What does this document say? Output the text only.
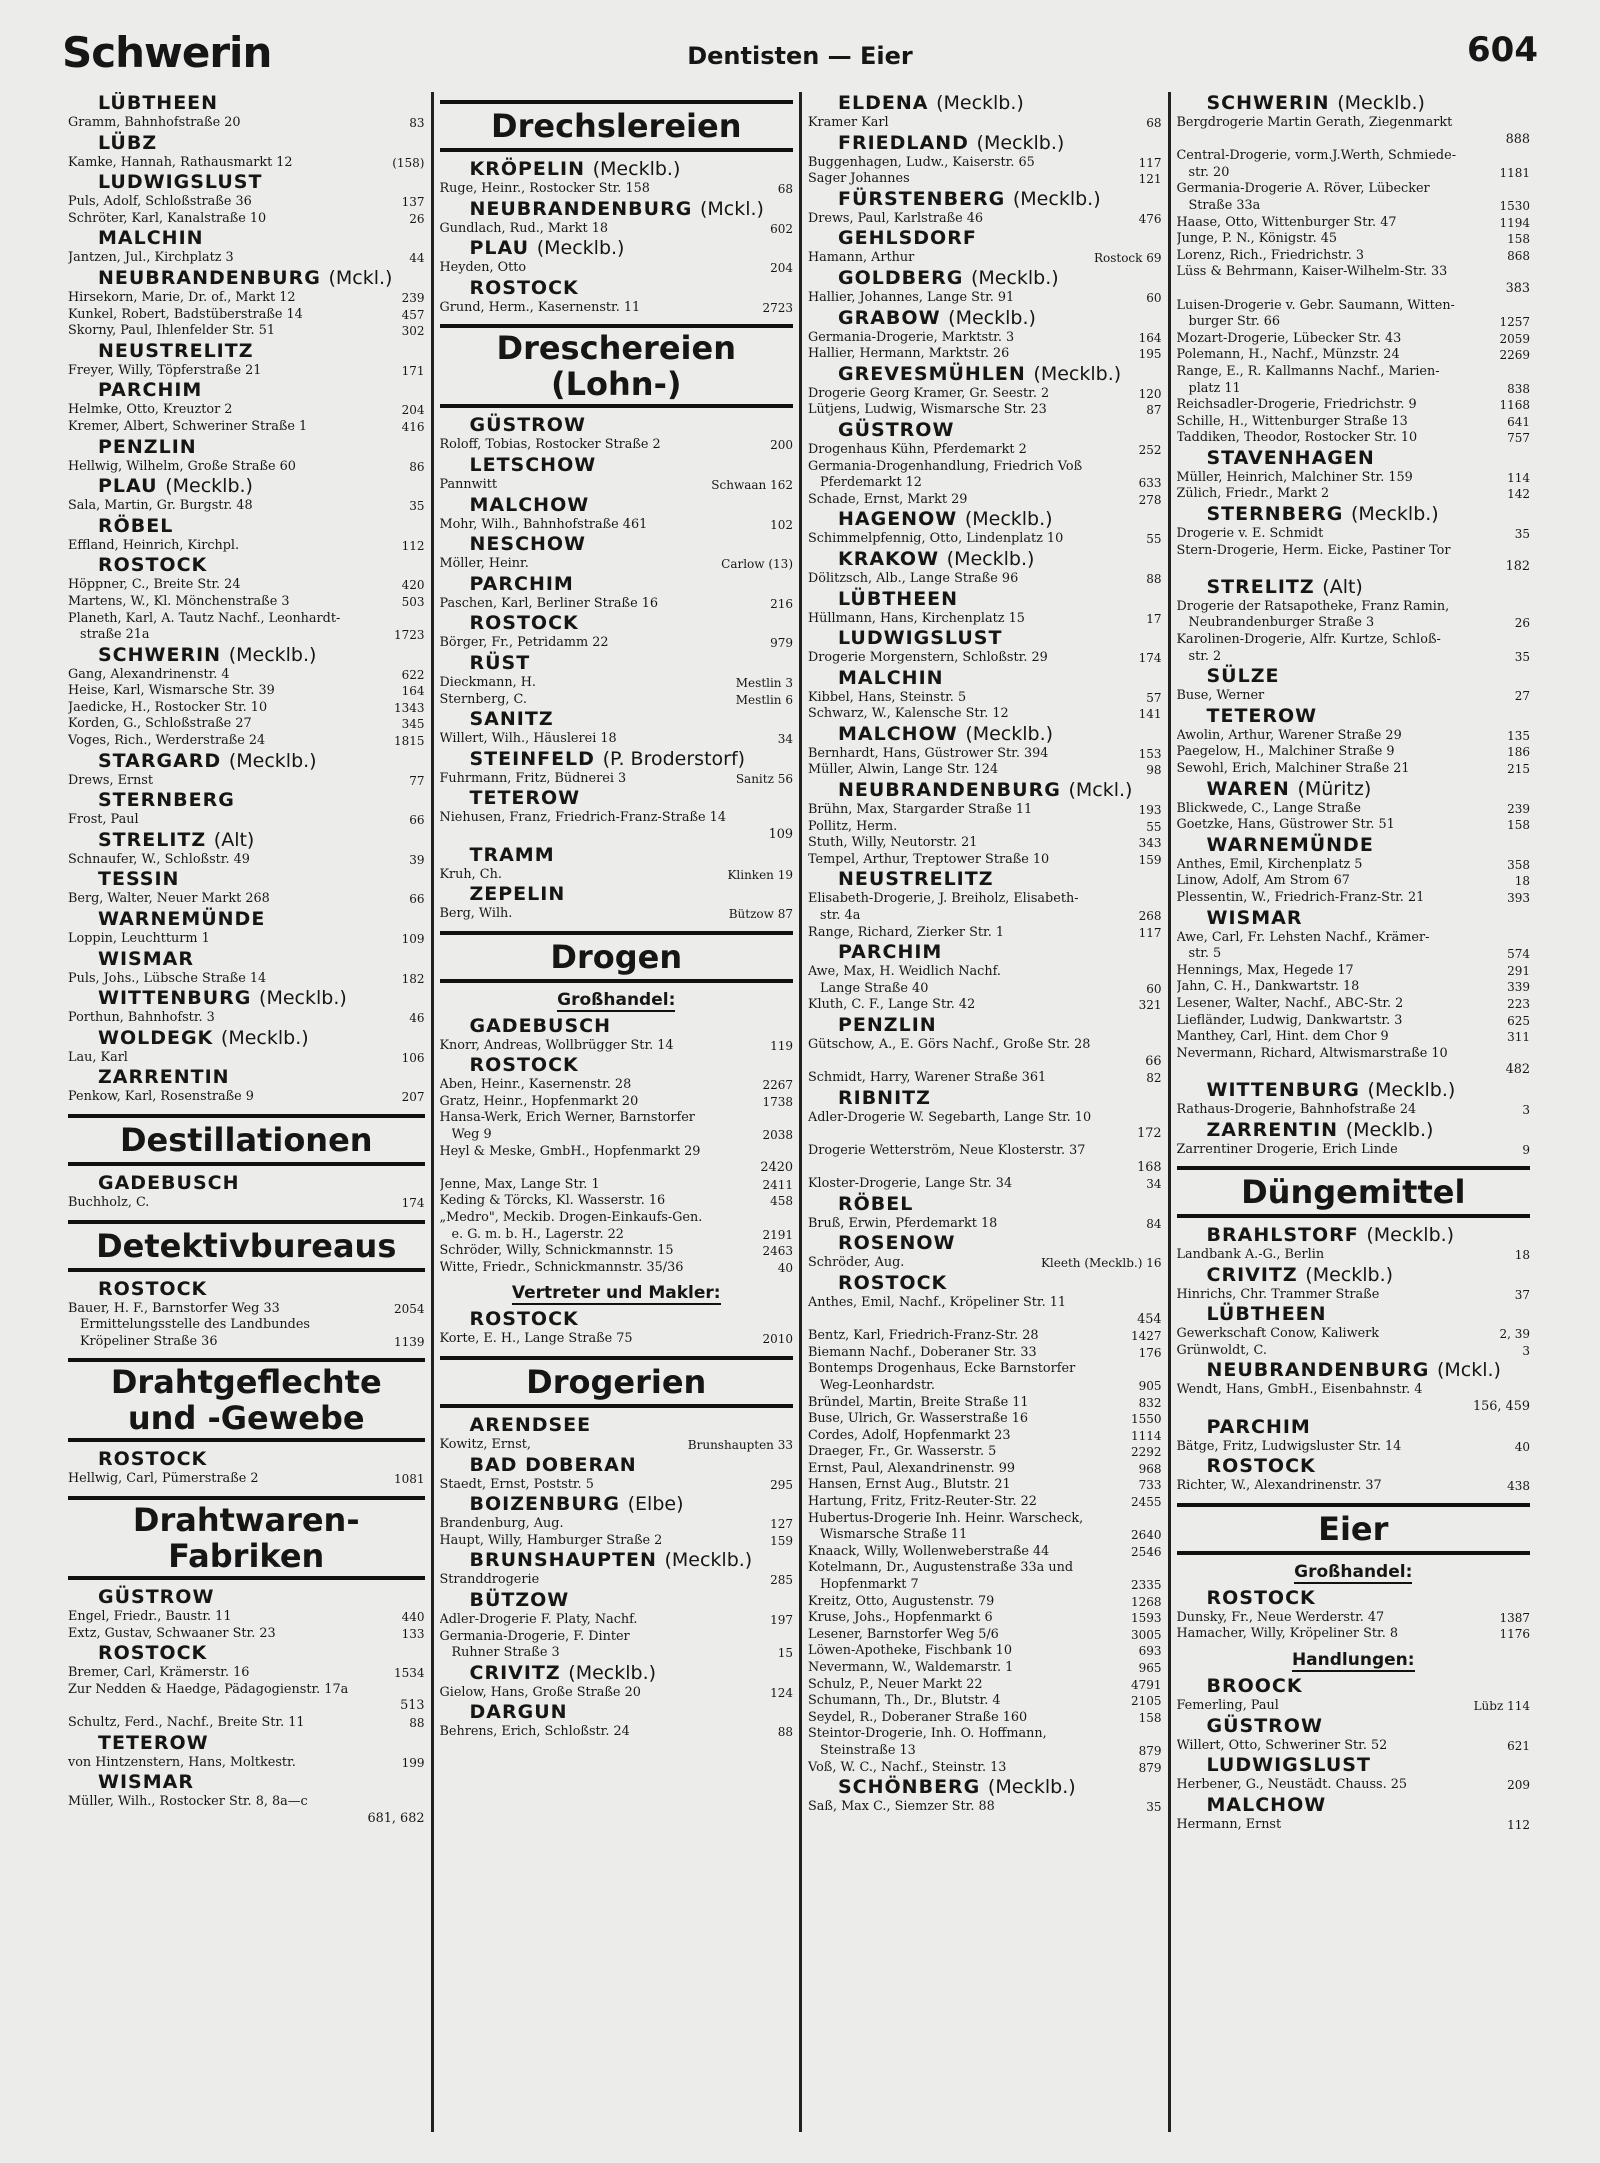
Schwerin	Dentisten — Eier	604
LÜBTHEEN
Gramm, Bahnhofstraße 20	83
LÜBZ
Kamke, Hannah, Rathausmarkt 12	(158)
LUDWIGSLUST
Puls, Adolf, Schloßstraße 36	137
Schröter, Karl, Kanalstraße 10	26
MALCHIN
Jantzen, Jul., Kirchplatz 3	44
NEUBRANDENBURG (Mckl.)
Hirsekorn, Marie, Dr. of., Markt 12	239
Kunkel, Robert, Badstüberstraße 14	457
Skorny, Paul, Ihlenfelder Str. 51	302
NEUSTRELITZ
Freyer, Willy, Töpferstraße 21	171
PARCHIM
Helmke, Otto, Kreuztor 2	204
Kremer, Albert, Schweriner Straße 1	416
PENZLIN
Hellwig, Wilhelm, Große Straße 60	86
PLAU (Mecklb.)
Sala, Martin, Gr. Burgstr. 48	35
RÖBEL
Effland, Heinrich, Kirchpl.	112
ROSTOCK
Höppner, C., Breite Str. 24	420
Martens, W., Kl. Mönchenstraße 3	503
Planeth, Karl, A. Tautz Nachf., Leonhardt-
straße 21a	1723
SCHWERIN (Mecklb.)
Gang, Alexandrinenstr. 4	622
Heise, Karl, Wismarsche Str. 39	164
Jaedicke, H., Rostocker Str. 10	1343
Korden, G., Schloßstraße 27	345
Voges, Rich., Werderstraße 24	1815
STARGARD (Mecklb.)
Drews, Ernst	77
STERNBERG
Frost, Paul	66
STRELITZ (Alt)
Schnaufer, W., Schloßstr. 49	39
TESSIN
Berg, Walter, Neuer Markt 268	66
WARNEMÜNDE
Loppin, Leuchtturm 1	109
WISMAR
Puls, Johs., Lübsche Straße 14	182
WITTENBURG (Mecklb.)
Porthun, Bahnhofstr. 3	46
WOLDEGK (Mecklb.)
Lau, Karl	106
ZARRENTIN
Penkow, Karl, Rosenstraße 9	207
Destillationen
GADEBUSCH
Buchholz, C.	174
Detektivbureaus
ROSTOCK
Bauer, H. F., Barnstorfer Weg 33	2054
Ermittelungsstelle des Landbundes
Kröpeliner Straße 36	1139
Drahtgeflechte
und -Gewebe
ROSTOCK
Hellwig, Carl, Pümerstraße 2	1081
Drahtwaren-
Fabriken
GÜSTROW
Engel, Friedr., Baustr. 11	440
Extz, Gustav, Schwaaner Str. 23	133
ROSTOCK
Bremer, Carl, Krämerstr. 16	1534
Zur Nedden & Haedge, Pädagogienstr. 17a
513
Schultz, Ferd., Nachf., Breite Str. 11	88
TETEROW
von Hintzenstern, Hans, Moltkestr.	199
WISMAR
Müller, Wilh., Rostocker Str. 8, 8a—c
681, 682
Drechslereien
KRÖPELIN (Mecklb.)
Ruge, Heinr., Rostocker Str. 158	68
NEUBRANDENBURG (Mckl.)
Gundlach, Rud., Markt 18	602
PLAU (Mecklb.)
Heyden, Otto	204
ROSTOCK
Grund, Herm., Kasernenstr. 11	2723
Dreschereien
(Lohn-)
GÜSTROW
Roloff, Tobias, Rostocker Straße 2	200
LETSCHOW
Pannwitt	Schwaan 162
MALCHOW
Mohr, Wilh., Bahnhofstraße 461	102
NESCHOW
Möller, Heinr.	Carlow (13)
PARCHIM
Paschen, Karl, Berliner Straße 16	216
ROSTOCK
Börger, Fr., Petridamm 22	979
RÜST
Dieckmann, H.	Mestlin 3
Sternberg, C.	Mestlin 6
SANITZ
Willert, Wilh., Häuslerei 18	34
STEINFELD (P. Broderstorf)
Fuhrmann, Fritz, Büdnerei 3	Sanitz 56
TETEROW
Niehusen, Franz, Friedrich-Franz-Straße 14
109
TRAMM
Kruh, Ch.	Klinken 19
ZEPELIN
Berg, Wilh.	Bützow 87
Drogen
Großhandel:
GADEBUSCH
Knorr, Andreas, Wollbrügger Str. 14	119
ROSTOCK
Aben, Heinr., Kasernenstr. 28	2267
Gratz, Heinr., Hopfenmarkt 20	1738
Hansa-Werk, Erich Werner, Barnstorfer
Weg 9	2038
Heyl & Meske, GmbH., Hopfenmarkt 29
2420
Jenne, Max, Lange Str. 1	2411
Keding & Törcks, Kl. Wasserstr. 16	458
„Medro", Meckib. Drogen-Einkaufs-Gen.
e. G. m. b. H., Lagerstr. 22	2191
Schröder, Willy, Schnickmannstr. 15	2463
Witte, Friedr., Schnickmannstr. 35/36	40
Vertreter und Makler:
ROSTOCK
Korte, E. H., Lange Straße 75	2010
Drogerien
ARENDSEE
Kowitz, Ernst,	Brunshaupten 33
BAD DOBERAN
Staedt, Ernst, Poststr. 5	295
BOIZENBURG (Elbe)
Brandenburg, Aug.	127
Haupt, Willy, Hamburger Straße 2	159
BRUNSHAUPTEN (Mecklb.)
Stranddrogerie	285
BÜTZOW
Adler-Drogerie F. Platy, Nachf.	197
Germania-Drogerie, F. Dinter
Ruhner Straße 3	15
CRIVITZ (Mecklb.)
Gielow, Hans, Große Straße 20	124
DARGUN
Behrens, Erich, Schloßstr. 24	88
ELDENA (Mecklb.)
Kramer Karl	68
FRIEDLAND (Mecklb.)
Buggenhagen, Ludw., Kaiserstr. 65	117
Sager Johannes	121
FÜRSTENBERG (Mecklb.)
Drews, Paul, Karlstraße 46	476
GEHLSDORF
Hamann, Arthur	Rostock 69
GOLDBERG (Mecklb.)
Hallier, Johannes, Lange Str. 91	60
GRABOW (Mecklb.)
Germania-Drogerie, Marktstr. 3	164
Hallier, Hermann, Marktstr. 26	195
GREVESMÜHLEN (Mecklb.)
Drogerie Georg Kramer, Gr. Seestr. 2	120
Lütjens, Ludwig, Wismarsche Str. 23	87
GÜSTROW
Drogenhaus Kühn, Pferdemarkt 2	252
Germania-Drogenhandlung, Friedrich Voß
Pferdemarkt 12	633
Schade, Ernst, Markt 29	278
HAGENOW (Mecklb.)
Schimmelpfennig, Otto, Lindenplatz 10	55
KRAKOW (Mecklb.)
Dölitzsch, Alb., Lange Straße 96	88
LÜBTHEEN
Hüllmann, Hans, Kirchenplatz 15	17
LUDWIGSLUST
Drogerie Morgenstern, Schloßstr. 29	174
MALCHIN
Kibbel, Hans, Steinstr. 5	57
Schwarz, W., Kalensche Str. 12	141
MALCHOW (Mecklb.)
Bernhardt, Hans, Güstrower Str. 394	153
Müller, Alwin, Lange Str. 124	98
NEUBRANDENBURG (Mckl.)
Brühn, Max, Stargarder Straße 11	193
Pollitz, Herm.	55
Stuth, Willy, Neutorstr. 21	343
Tempel, Arthur, Treptower Straße 10	159
NEUSTRELITZ
Elisabeth-Drogerie, J. Breiholz, Elisabeth-
str. 4a	268
Range, Richard, Zierker Str. 1	117
PARCHIM
Awe, Max, H. Weidlich Nachf.
Lange Straße 40	60
Kluth, C. F., Lange Str. 42	321
PENZLIN
Gütschow, A., E. Görs Nachf., Große Str. 28
66
Schmidt, Harry, Warener Straße 361	82
RIBNITZ
Adler-Drogerie W. Segebarth, Lange Str. 10
172
Drogerie Wetterström, Neue Klosterstr. 37
168
Kloster-Drogerie, Lange Str. 34	34
RÖBEL
Bruß, Erwin, Pferdemarkt 18	84
ROSENOW
Schröder, Aug.	Kleeth (Mecklb.) 16
ROSTOCK
Anthes, Emil, Nachf., Kröpeliner Str. 11
454
Bentz, Karl, Friedrich-Franz-Str. 28	1427
Biemann Nachf., Doberaner Str. 33	176
Bontemps Drogenhaus, Ecke Barnstorfer
Weg-Leonhardstr.	905
Bründel, Martin, Breite Straße 11	832
Buse, Ulrich, Gr. Wasserstraße 16	1550
Cordes, Adolf, Hopfenmarkt 23	1114
Draeger, Fr., Gr. Wasserstr. 5	2292
Ernst, Paul, Alexandrinenstr. 99	968
Hansen, Ernst Aug., Blutstr. 21	733
Hartung, Fritz, Fritz-Reuter-Str. 22	2455
Hubertus-Drogerie Inh. Heinr. Warscheck,
Wismarsche Straße 11	2640
Knaack, Willy, Wollenweberstraße 44	2546
Kotelmann, Dr., Augustenstraße 33a und
Hopfenmarkt 7	2335
Kreitz, Otto, Augustenstr. 79	1268
Kruse, Johs., Hopfenmarkt 6	1593
Lesener, Barnstorfer Weg 5/6	3005
Löwen-Apotheke, Fischbank 10	693
Nevermann, W., Waldemarstr. 1	965
Schulz, P., Neuer Markt 22	4791
Schumann, Th., Dr., Blutstr. 4	2105
Seydel, R., Doberaner Straße 160	158
Steintor-Drogerie, Inh. O. Hoffmann,
Steinstraße 13	879
Voß, W. C., Nachf., Steinstr. 13	879
SCHÖNBERG (Mecklb.)
Saß, Max C., Siemzer Str. 88	35
SCHWERIN (Mecklb.)
Bergdrogerie Martin Gerath, Ziegenmarkt
888
Central-Drogerie, vorm.J.Werth, Schmiede-
str. 20	1181
Germania-Drogerie A. Röver, Lübecker
Straße 33a	1530
Haase, Otto, Wittenburger Str. 47	1194
Junge, P. N., Königstr. 45	158
Lorenz, Rich., Friedrichstr. 3	868
Lüss & Behrmann, Kaiser-Wilhelm-Str. 33
383
Luisen-Drogerie v. Gebr. Saumann, Witten-
burger Str. 66	1257
Mozart-Drogerie, Lübecker Str. 43	2059
Polemann, H., Nachf., Münzstr. 24	2269
Range, E., R. Kallmanns Nachf., Marien-
platz 11	838
Reichsadler-Drogerie, Friedrichstr. 9	1168
Schille, H., Wittenburger Straße 13	641
Taddiken, Theodor, Rostocker Str. 10	757
STAVENHAGEN
Müller, Heinrich, Malchiner Str. 159	114
Zülich, Friedr., Markt 2	142
STERNBERG (Mecklb.)
Drogerie v. E. Schmidt	35
Stern-Drogerie, Herm. Eicke, Pastiner Tor
182
STRELITZ (Alt)
Drogerie der Ratsapotheke, Franz Ramin,
Neubrandenburger Straße 3	26
Karolinen-Drogerie, Alfr. Kurtze, Schloß-
str. 2	35
SÜLZE
Buse, Werner	27
TETEROW
Awolin, Arthur, Warener Straße 29	135
Paegelow, H., Malchiner Straße 9	186
Sewohl, Erich, Malchiner Straße 21	215
WAREN (Müritz)
Blickwede, C., Lange Straße	239
Goetzke, Hans, Güstrower Str. 51	158
WARNEMÜNDE
Anthes, Emil, Kirchenplatz 5	358
Linow, Adolf, Am Strom 67	18
Plessentin, W., Friedrich-Franz-Str. 21	393
WISMAR
Awe, Carl, Fr. Lehsten Nachf., Krämer-
str. 5	574
Hennings, Max, Hegede 17	291
Jahn, C. H., Dankwartstr. 18	339
Lesener, Walter, Nachf., ABC-Str. 2	223
Liefländer, Ludwig, Dankwartstr. 3	625
Manthey, Carl, Hint. dem Chor 9	311
Nevermann, Richard, Altwismarstraße 10
482
WITTENBURG (Mecklb.)
Rathaus-Drogerie, Bahnhofstraße 24	3
ZARRENTIN (Mecklb.)
Zarrentiner Drogerie, Erich Linde	9
Düngemittel
BRAHLSTORF (Mecklb.)
Landbank A.-G., Berlin	18
CRIVITZ (Mecklb.)
Hinrichs, Chr. Trammer Straße	37
LÜBTHEEN
Gewerkschaft Conow, Kaliwerk	2, 39
Grünwoldt, C.	3
NEUBRANDENBURG (Mckl.)
Wendt, Hans, GmbH., Eisenbahnstr. 4
156, 459
PARCHIM
Bätge, Fritz, Ludwigsluster Str. 14	40
ROSTOCK
Richter, W., Alexandrinenstr. 37	438
Eier
Großhandel:
ROSTOCK
Dunsky, Fr., Neue Werderstr. 47	1387
Hamacher, Willy, Kröpeliner Str. 8	1176
Handlungen:
BROOCK
Femerling, Paul	Lübz 114
GÜSTROW
Willert, Otto, Schweriner Str. 52	621
LUDWIGSLUST
Herbener, G., Neustädt. Chauss. 25	209
MALCHOW
Hermann, Ernst	112
